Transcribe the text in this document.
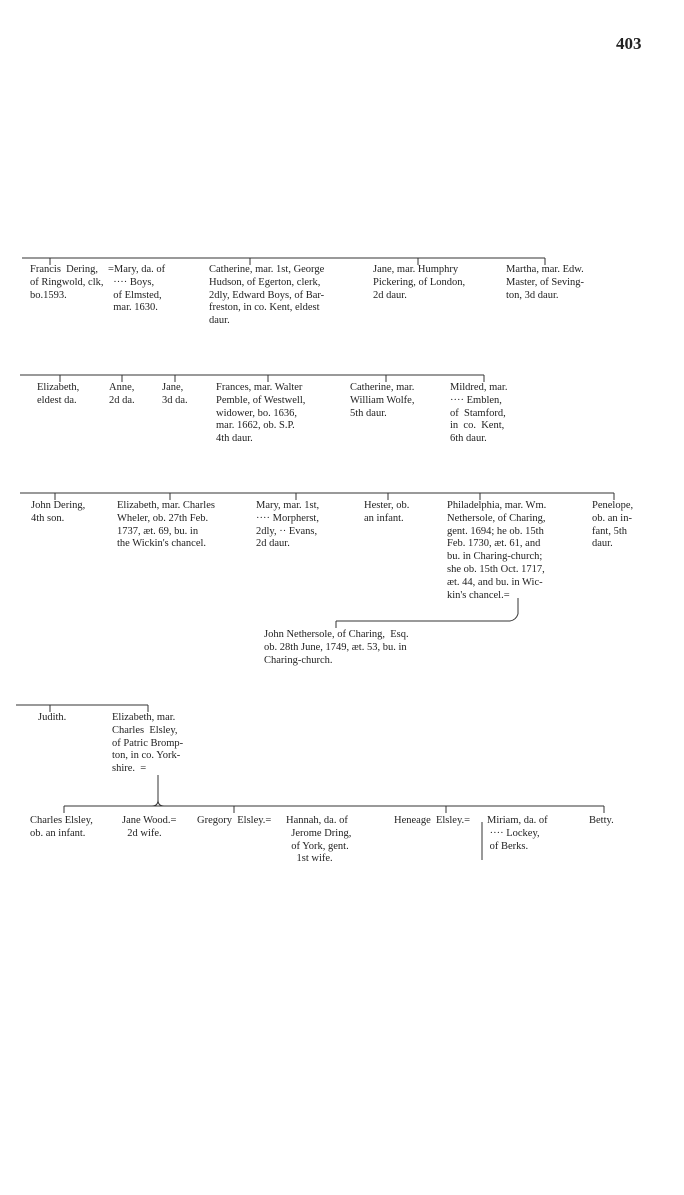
403
Francis  Dering,
of Ringwold, clk,
bo.1593.
=Mary, da. of
···· Boys,
of Elmsted,
mar. 1630.
Catherine, mar. 1st, George
Hudson, of Egerton, clerk,
2dly, Edward Boys, of Bar-
freston, in co. Kent, eldest
daur.
Jane, mar. Humphry
Pickering, of London,
2d daur.
Martha, mar. Edw.
Master, of Seving-
ton, 3d daur.
Elizabeth,
eldest da.
Anne,
2d da.
Jane,
3d da.
Frances, mar. Walter
Pemble, of Westwell,
widower, bo. 1636,
mar. 1662, ob. S.P.
4th daur.
Catherine, mar.
William Wolfe,
5th daur.
Mildred, mar.
···· Emblen,
of  Stamford,
in  co.  Kent,
6th daur.
John Dering,
4th son.
Elizabeth, mar. Charles
Wheler, ob. 27th Feb.
1737, æt. 69, bu. in
the Wickin's chancel.
Mary, mar. 1st,
···· Morpherst,
2dly, ·· Evans,
2d daur.
Hester, ob.
an infant.
Philadelphia, mar. Wm.
Nethersole, of Charing,
gent. 1694; he ob. 15th
Feb. 1730, æt. 61, and
bu. in Charing-church;
she ob. 15th Oct. 1717,
æt. 44, and bu. in Wic-
kin's chancel.=
Penelope,
ob. an in-
fant, 5th
daur.
John Nethersole, of Charing,  Esq.
ob. 28th June, 1749, æt. 53, bu. in
Charing-church.
Judith.	Elizabeth, mar.
Charles  Elsley,
of Patric Bromp-
ton, in co. York-
shire.  =
Charles Elsley,
ob. an infant.
Jane Wood.=
2d wife.
Gregory  Elsley.= Hannah, da. of
Jerome Dring,
of York, gent.
1st wife.
Heneage  Elsley.= Miriam, da. of
···· Lockey,
of Berks.
Betty.
